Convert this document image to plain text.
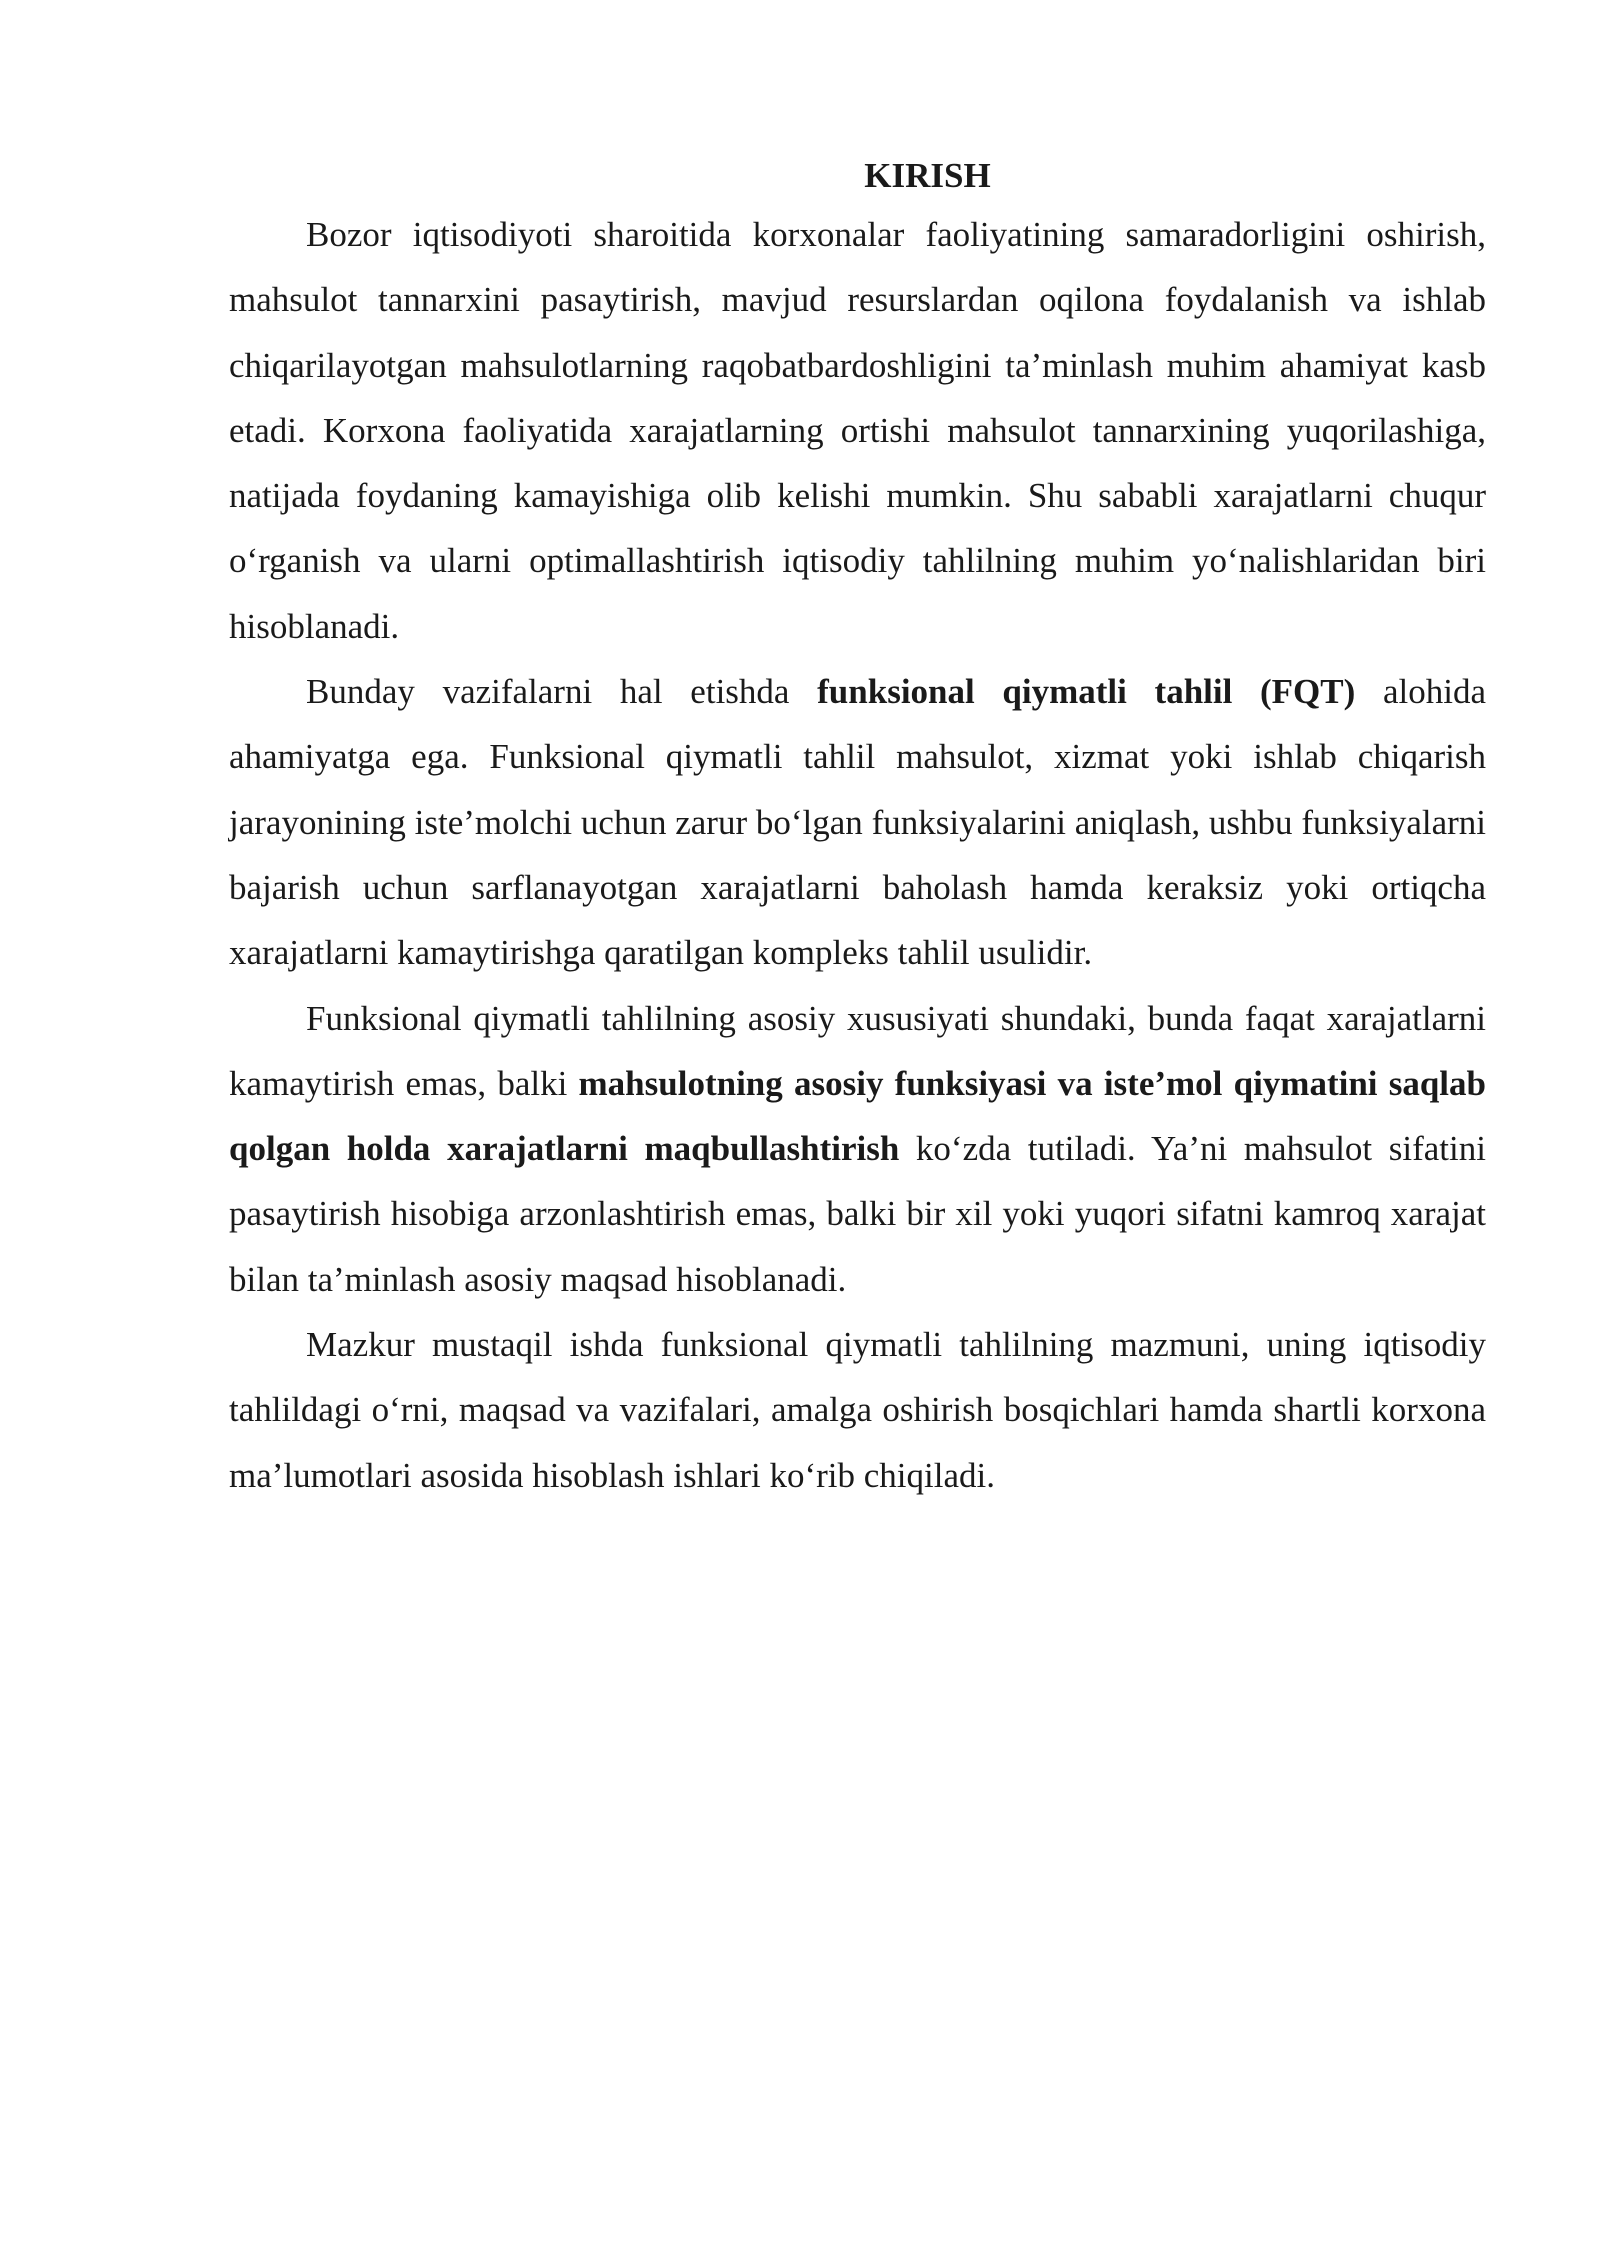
KIRISH

Bozor iqtisodiyoti sharoitida korxonalar faoliyatining samaradorligini oshirish, mahsulot tannarxini pasaytirish, mavjud resurslardan oqilona foydalanish va ishlab chiqarilayotgan mahsulotlarning raqobatbardoshligini ta’minlash muhim ahamiyat kasb etadi. Korxona faoliyatida xarajatlarning ortishi mahsulot tannarxining yuqorilashiga, natijada foydaning kamayishiga olib kelishi mumkin. Shu sababli xarajatlarni chuqur o‘rganish va ularni optimallashtirish iqtisodiy tahlilning muhim yo‘nalishlaridan biri hisoblanadi.

Bunday vazifalarni hal etishda funksional qiymatli tahlil (FQT) alohida ahamiyatga ega. Funksional qiymatli tahlil mahsulot, xizmat yoki ishlab chiqarish jarayonining iste’molchi uchun zarur bo‘lgan funksiyalarini aniqlash, ushbu funksiyalarni bajarish uchun sarflanayotgan xarajatlarni baholash hamda keraksiz yoki ortiqcha xarajatlarni kamaytirishga qaratilgan kompleks tahlil usulidir.

Funksional qiymatli tahlilning asosiy xususiyati shundaki, bunda faqat xarajatlarni kamaytirish emas, balki mahsulotning asosiy funksiyasi va iste’mol qiymatini saqlab qolgan holda xarajatlarni maqbullashtirish ko‘zda tutiladi. Ya’ni mahsulot sifatini pasaytirish hisobiga arzonlashtirish emas, balki bir xil yoki yuqori sifatni kamroq xarajat bilan ta’minlash asosiy maqsad hisoblanadi.

Mazkur mustaqil ishda funksional qiymatli tahlilning mazmuni, uning iqtisodiy tahlildagi o‘rni, maqsad va vazifalari, amalga oshirish bosqichlari hamda shartli korxona ma’lumotlari asosida hisoblash ishlari ko‘rib chiqiladi.
